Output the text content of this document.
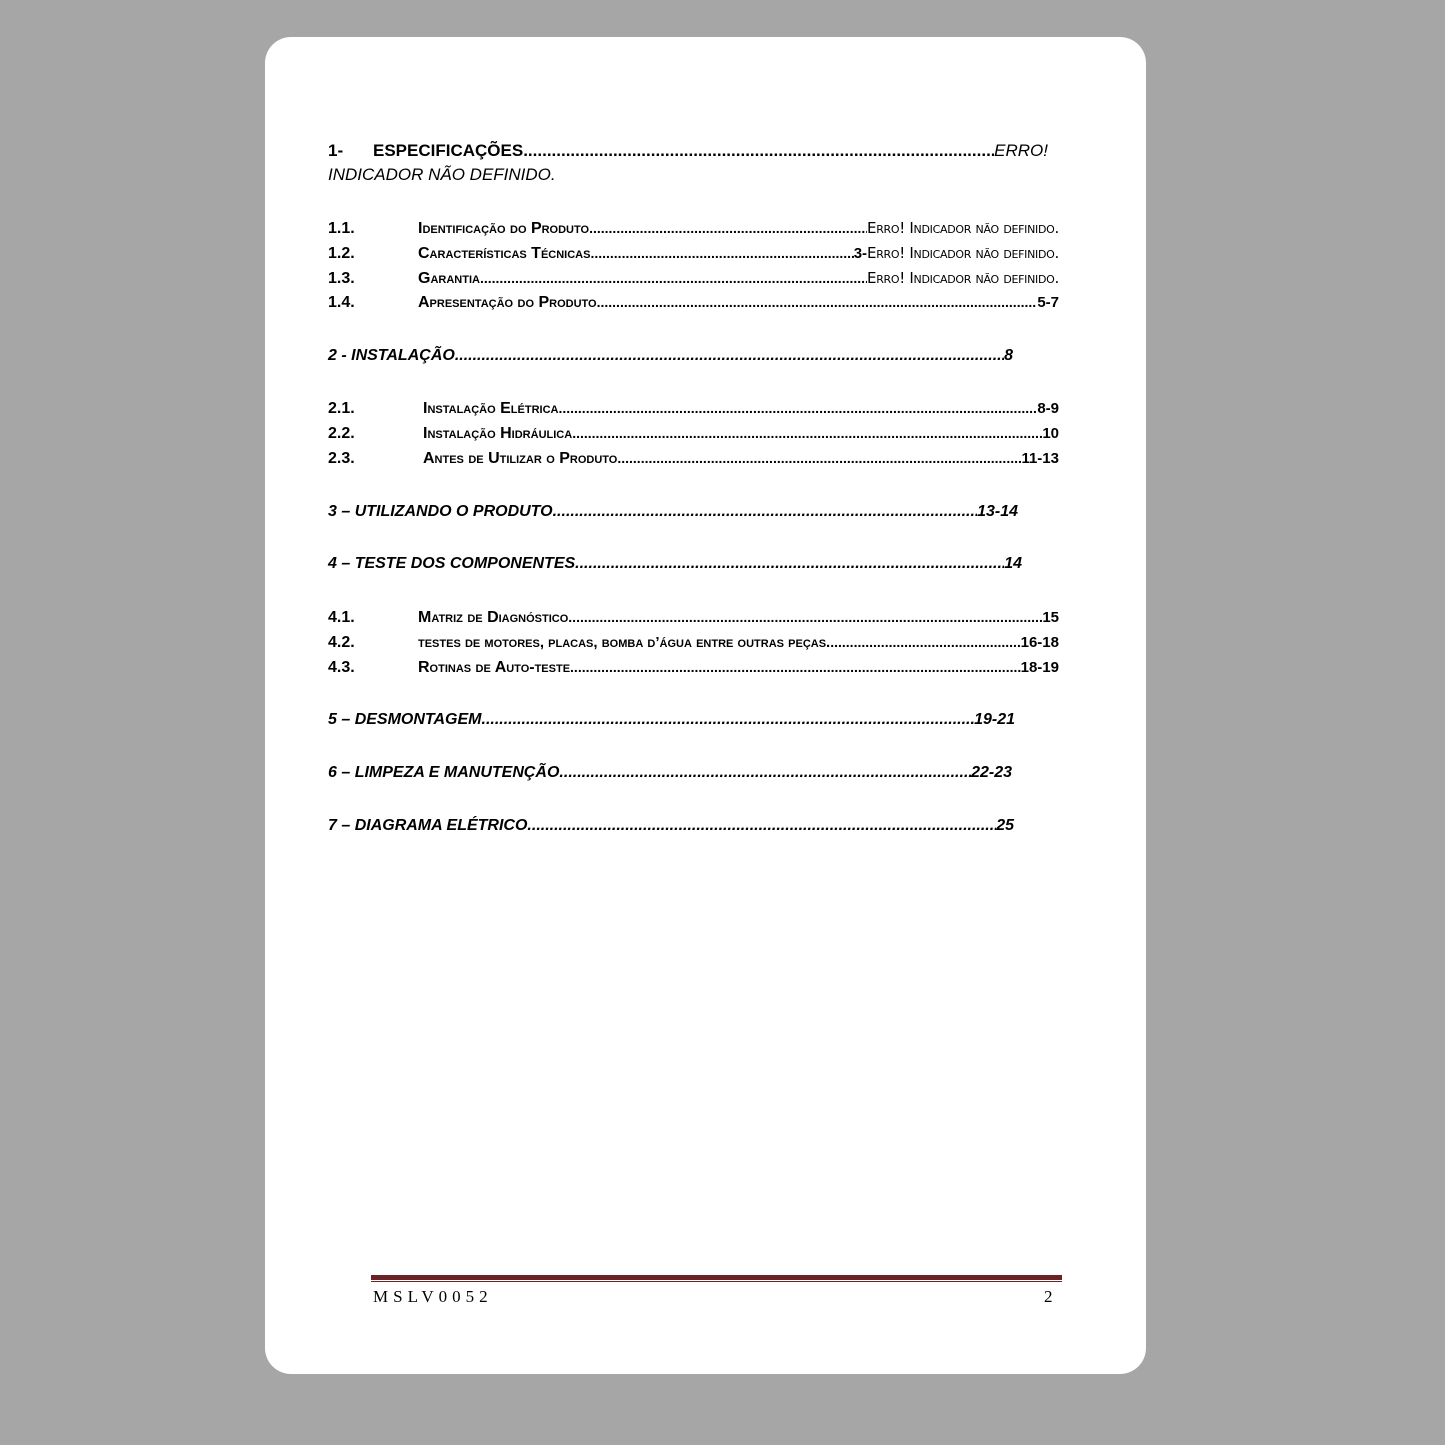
1-	ESPECIFICAÇÕES .....	ERRO!
INDICADOR NÃO DEFINIDO.
1.1.	Identificação do Produto .....	Erro! Indicador não definido.
1.2.	Características Técnicas .....	3- Erro! Indicador não definido.
1.3.	Garantia .....	Erro! Indicador não definido.
1.4.	Apresentação do Produto .....	5-7
2 - INSTALAÇÃO .....	8
2.1.	Instalação Elétrica .....	8-9
2.2.	Instalação Hidráulica .....	10
2.3.	Antes de Utilizar o Produto .....	11-13
3 – UTILIZANDO O PRODUTO .....	13-14
4 – TESTE DOS COMPONENTES .....	14
4.1.	Matriz de Diagnóstico .....	15
4.2.	testes de motores, placas, bomba d’água entre outras peças. .....	16-18
4.3.	Rotinas de Auto-teste .....	18-19
5 – DESMONTAGEM .....	19-21
6 – LIMPEZA E MANUTENÇÃO .....	22-23
7 – DIAGRAMA ELÉTRICO .....	25
MSLV0052	2
